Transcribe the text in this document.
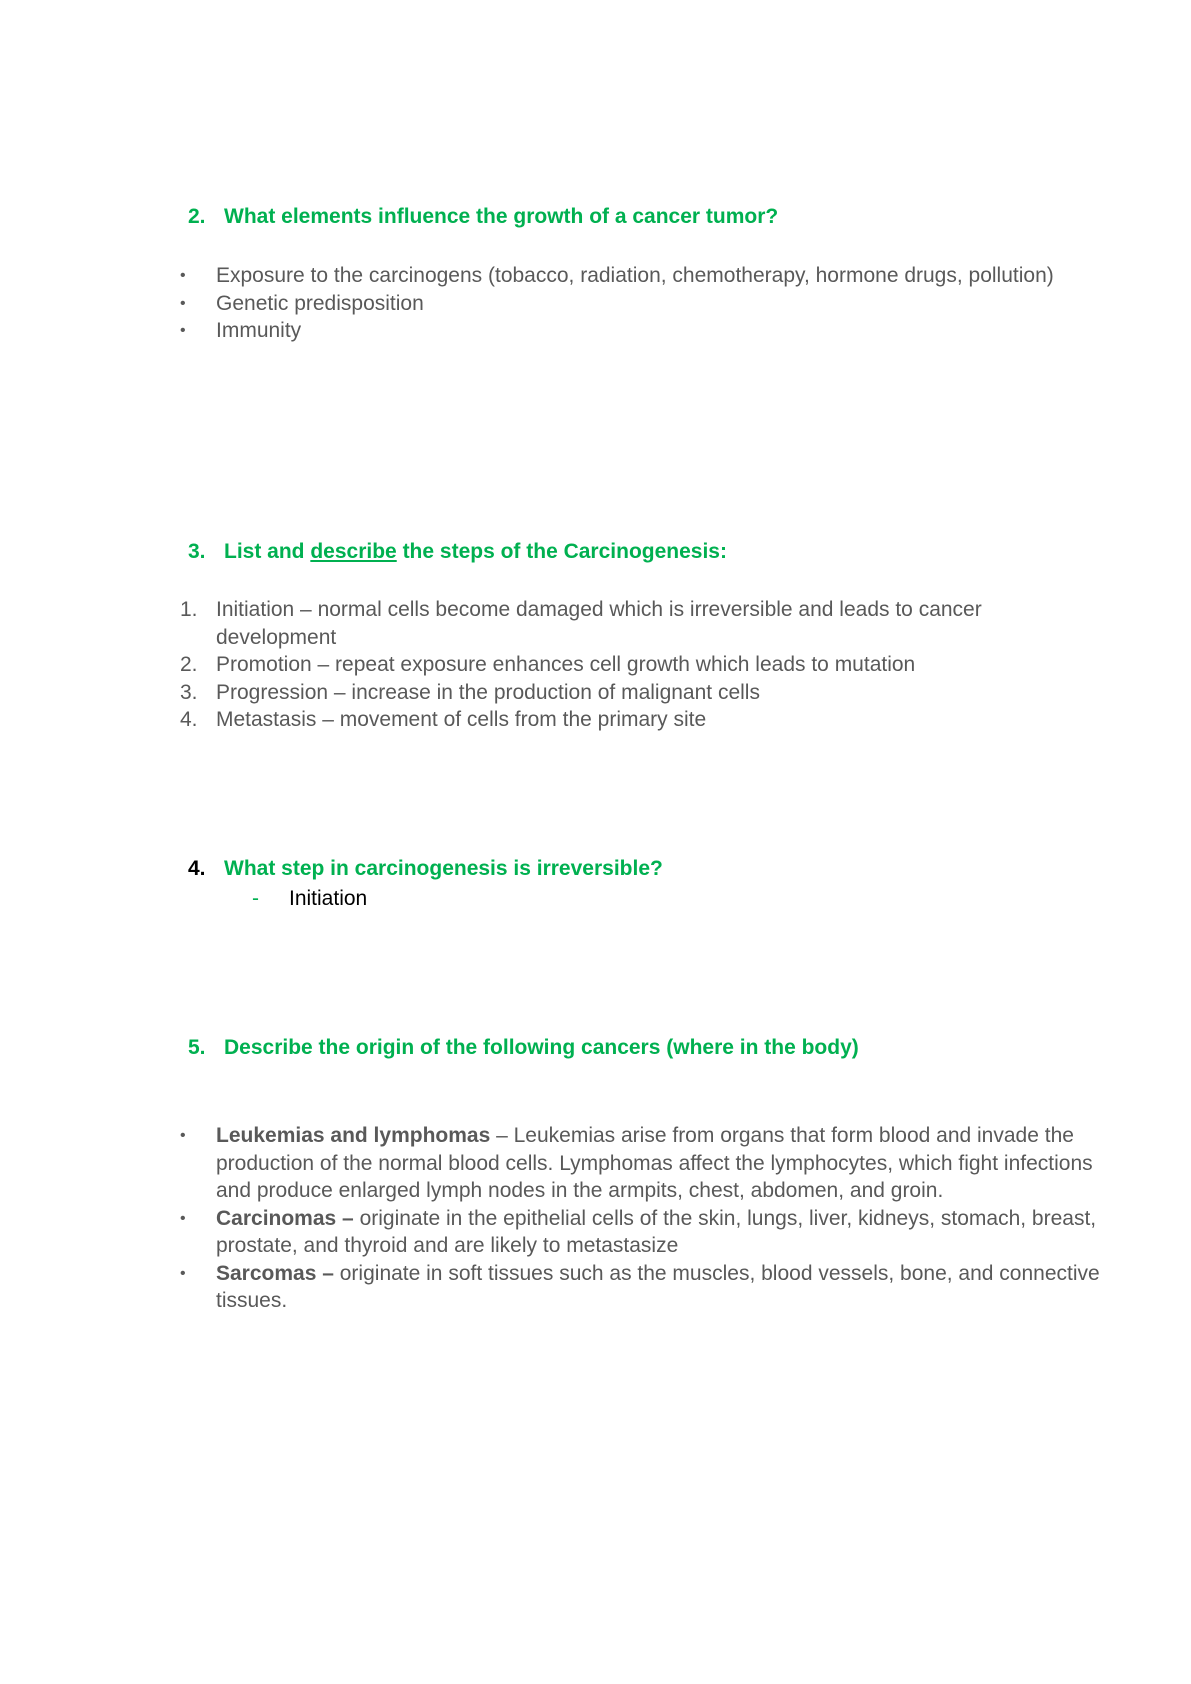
2. What elements influence the growth of a cancer tumor?
• Exposure to the carcinogens (tobacco, radiation, chemotherapy, hormone drugs, pollution)
• Genetic predisposition
• Immunity
3. List and describe the steps of the Carcinogenesis:
1. Initiation – normal cells become damaged which is irreversible and leads to cancer development
2. Promotion – repeat exposure enhances cell growth which leads to mutation
3. Progression – increase in the production of malignant cells
4. Metastasis – movement of cells from the primary site
4. What step in carcinogenesis is irreversible?
- Initiation
5. Describe the origin of the following cancers (where in the body)
• Leukemias and lymphomas – Leukemias arise from organs that form blood and invade the production of the normal blood cells. Lymphomas affect the lymphocytes, which fight infections and produce enlarged lymph nodes in the armpits, chest, abdomen, and groin.
• Carcinomas – originate in the epithelial cells of the skin, lungs, liver, kidneys, stomach, breast, prostate, and thyroid and are likely to metastasize
• Sarcomas – originate in soft tissues such as the muscles, blood vessels, bone, and connective tissues.
